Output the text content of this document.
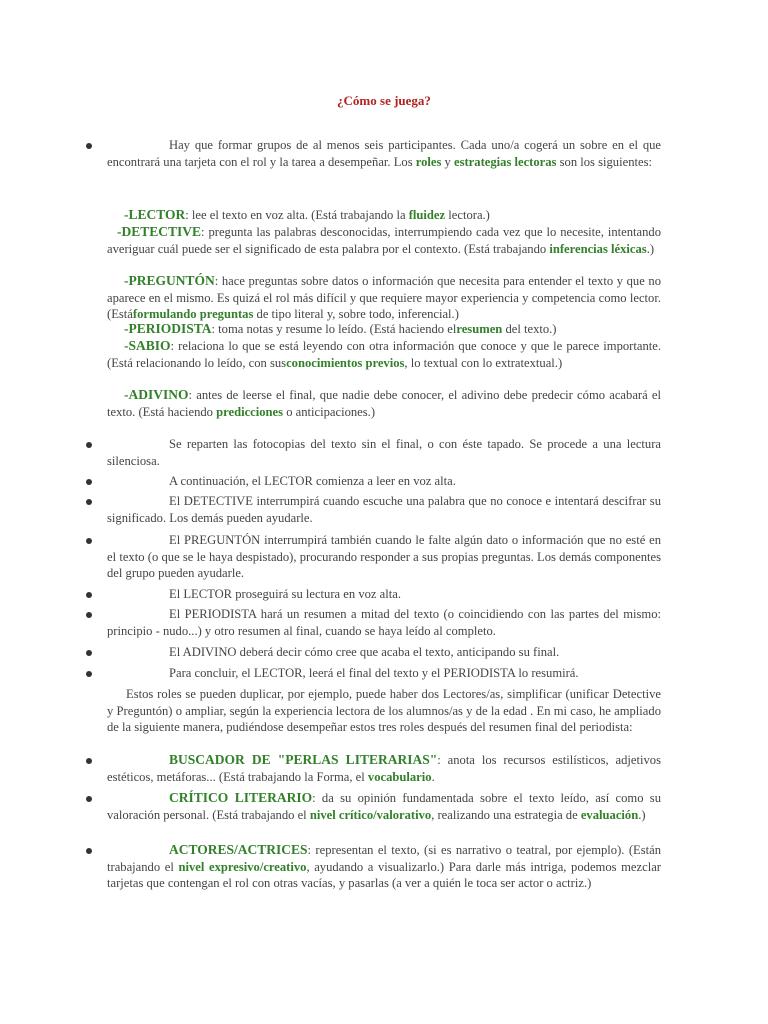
¿Cómo se juega?
Hay que formar grupos de al menos seis participantes. Cada uno/a cogerá un sobre en el que encontrará una tarjeta con el rol y la tarea a desempeñar. Los roles y estrategias lectoras son los siguientes:
-LECTOR: lee el texto en voz alta. (Está trabajando la fluidez lectora.)
-DETECTIVE: pregunta las palabras desconocidas, interrumpiendo cada vez que lo necesite, intentando averiguar cuál puede ser el significado de esta palabra por el contexto. (Está trabajando inferencias léxicas.)
-PREGUNTÓN: hace preguntas sobre datos o información que necesita para entender el texto y que no aparece en el mismo. Es quizá el rol más difícil y que requiere mayor experiencia y competencia como lector. (Estáformulando preguntas de tipo literal y, sobre todo, inferencial.)
-PERIODISTA: toma notas y resume lo leído. (Está haciendo elresumen del texto.)
-SABIO: relaciona lo que se está leyendo con otra información que conoce y que le parece importante. (Está relacionando lo leído, con susconocimientos previos, lo textual con lo extratextual.)
-ADIVINO: antes de leerse el final, que nadie debe conocer, el adivino debe predecir cómo acabará el texto. (Está haciendo predicciones o anticipaciones.)
Se reparten las fotocopias del texto sin el final, o con éste tapado. Se procede a una lectura silenciosa.
A continuación, el LECTOR comienza a leer en voz alta.
El DETECTIVE interrumpirá cuando escuche una palabra que no conoce e intentará descifrar su significado. Los demás pueden ayudarle.
El PREGUNTÓN interrumpirá también cuando le falte algún dato o información que no esté en el texto (o que se le haya despistado), procurando responder a sus propias preguntas. Los demás componentes del grupo pueden ayudarle.
El LECTOR proseguirá su lectura en voz alta.
El PERIODISTA hará un resumen a mitad del texto (o coincidiendo con las partes del mismo: principio - nudo...) y otro resumen al final, cuando se haya leído al completo.
El ADIVINO deberá decir cómo cree que acaba el texto, anticipando su final.
Para concluir, el LECTOR, leerá el final del texto y el PERIODISTA lo resumirá.
Estos roles se pueden duplicar, por ejemplo, puede haber dos Lectores/as, simplificar (unificar Detective y Preguntón) o ampliar, según la experiencia lectora de los alumnos/as y de la edad . En mi caso, he ampliado de la siguiente manera, pudiéndose desempeñar estos tres roles después del resumen final del periodista:
BUSCADOR DE "PERLAS LITERARIAS": anota los recursos estilísticos, adjetivos estéticos, metáforas... (Está trabajando la Forma, el vocabulario.
CRÍTICO LITERARIO: da su opinión fundamentada sobre el texto leído, así como su valoración personal. (Está trabajando el nivel crítico/valorativo, realizando una estrategia de evaluación.)
ACTORES/ACTRICES: representan el texto, (si es narrativo o teatral, por ejemplo). (Están trabajando el nivel expresivo/creativo, ayudando a visualizarlo.) Para darle más intriga, podemos mezclar tarjetas que contengan el rol con otras vacías, y pasarlas (a ver a quién le toca ser actor o actriz.)
